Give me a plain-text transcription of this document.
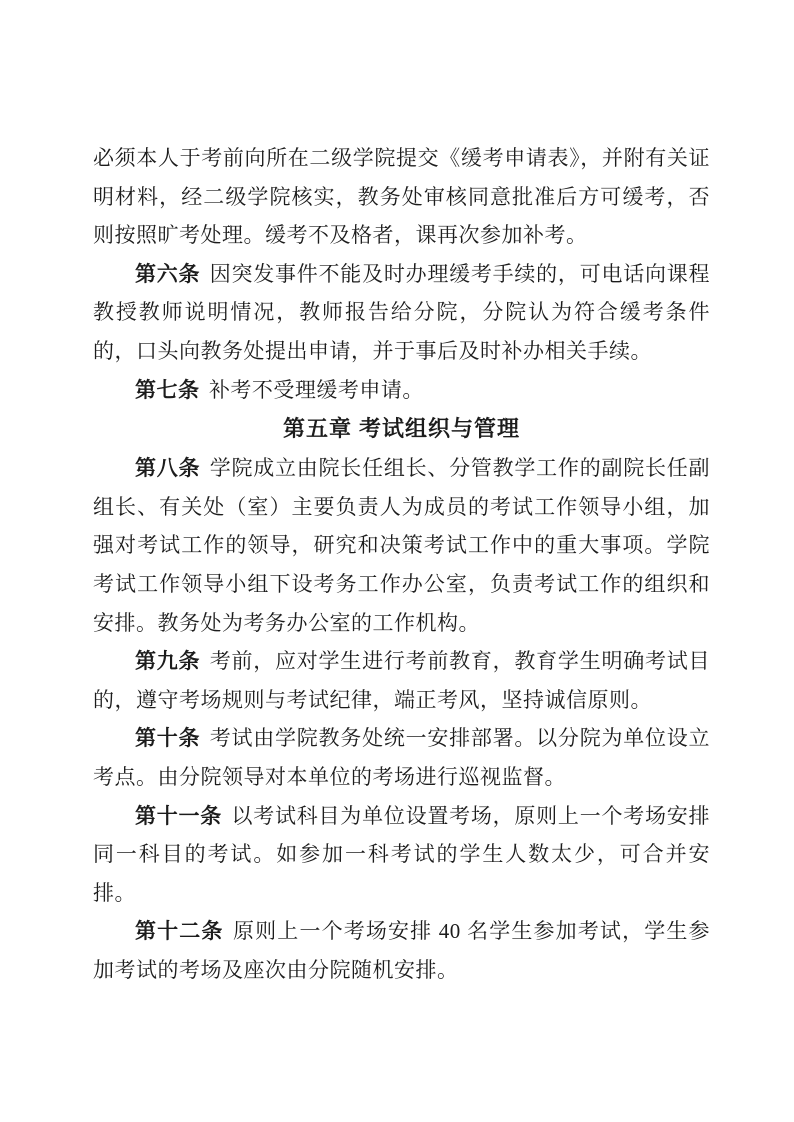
必须本人于考前向所在二级学院提交《缓考申请表》，并附有关证明材料，经二级学院核实，教务处审核同意批准后方可缓考，否则按照旷考处理。缓考不及格者，课再次参加补考。

第六条 因突发事件不能及时办理缓考手续的，可电话向课程教授教师说明情况，教师报告给分院，分院认为符合缓考条件的，口头向教务处提出申请，并于事后及时补办相关手续。

第七条 补考不受理缓考申请。

第五章 考试组织与管理

第八条 学院成立由院长任组长、分管教学工作的副院长任副组长、有关处（室）主要负责人为成员的考试工作领导小组，加强对考试工作的领导，研究和决策考试工作中的重大事项。学院考试工作领导小组下设考务工作办公室，负责考试工作的组织和安排。教务处为考务办公室的工作机构。

第九条 考前，应对学生进行考前教育，教育学生明确考试目的，遵守考场规则与考试纪律，端正考风，坚持诚信原则。

第十条 考试由学院教务处统一安排部署。以分院为单位设立考点。由分院领导对本单位的考场进行巡视监督。

第十一条 以考试科目为单位设置考场，原则上一个考场安排同一科目的考试。如参加一科考试的学生人数太少，可合并安排。

第十二条 原则上一个考场安排 40 名学生参加考试，学生参加考试的考场及座次由分院随机安排。
